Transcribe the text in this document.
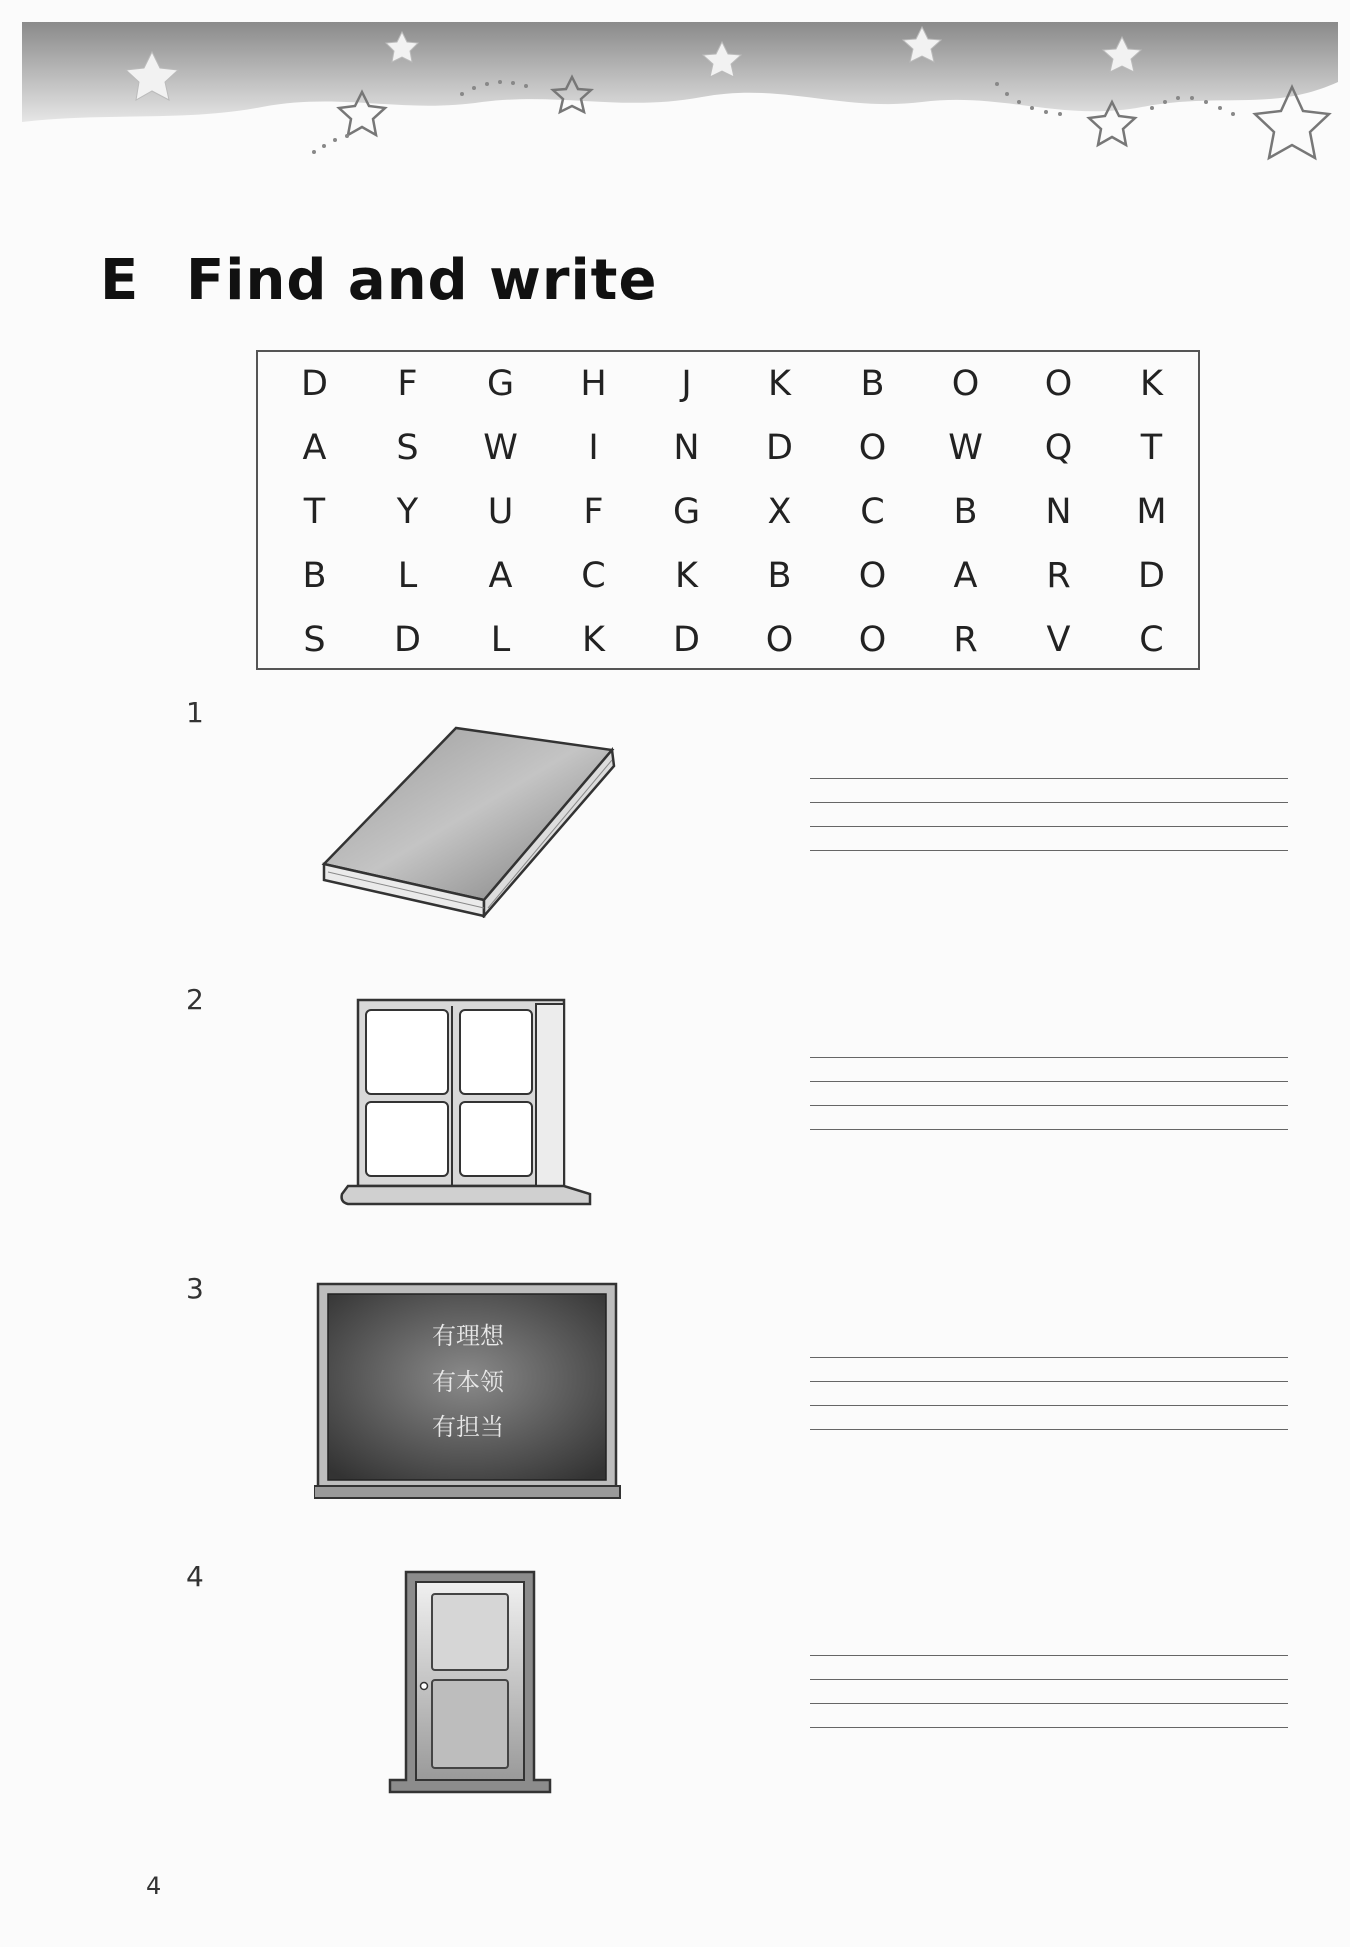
E Find and write
D	F	G	H	J	K	B	O	O	K
A	S	W	I	N	D	O	W	Q	T
T	Y	U	F	G	X	C	B	N	M
B	L	A	C	K	B	O	A	R	D
S	D	L	K	D	O	O	R	V	C
1
2
3
有理想
有本领
有担当
4
4
